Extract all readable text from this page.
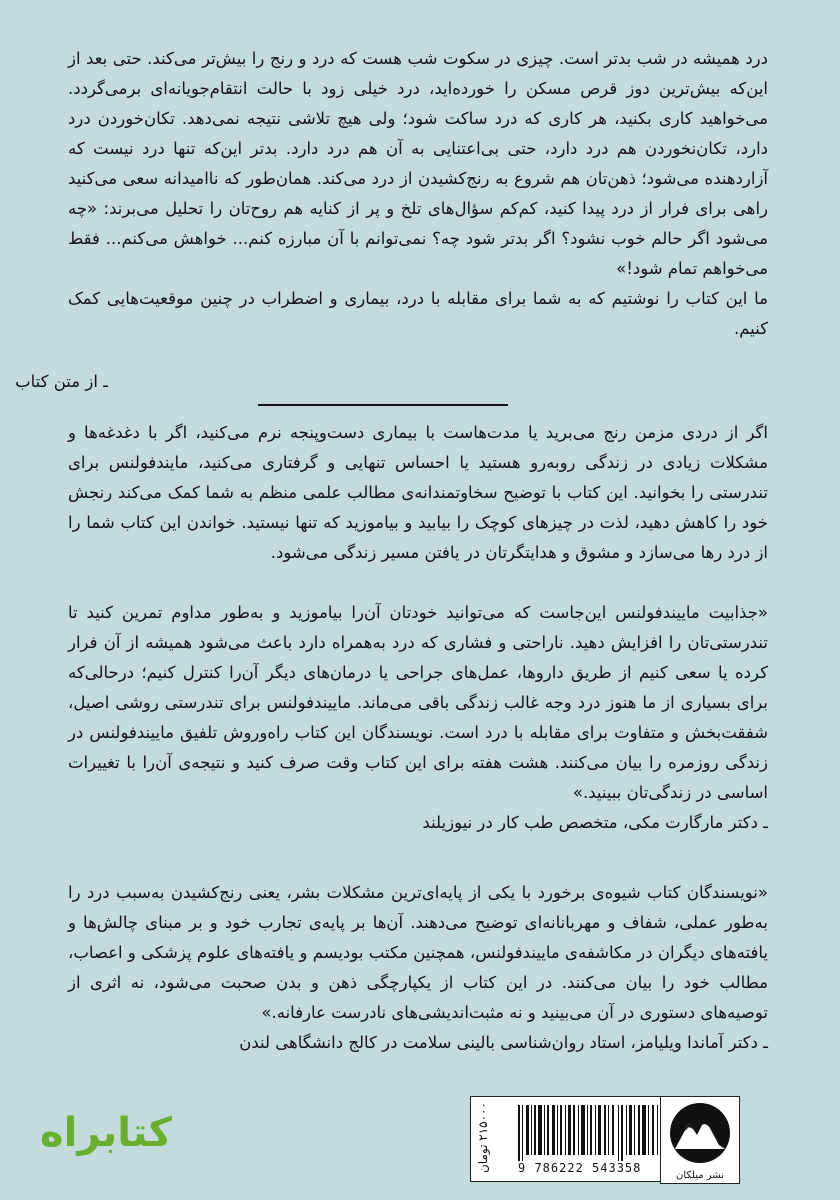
درد همیشه در شب بدتر است. چیزی در سکوت شب هست که درد و رنج را بیش‌تر می‌کند. حتی بعد از این‌که بیش‌ترین دوز قرص مسکن را خورده‌اید، درد خیلی زود با حالت انتقام‌جویانه‌ای برمی‌گردد. می‌خواهید کاری بکنید، هر کاری که درد ساکت شود؛ ولی هیچ تلاشی نتیجه نمی‌دهد. تکان‌خوردن درد دارد، تکان‌نخوردن هم درد دارد، حتی بی‌اعتنایی به آن هم درد دارد. بدتر این‌که تنها درد نیست که آزاردهنده می‌شود؛ ذهن‌تان هم شروع به رنج‌کشیدن از درد می‌کند. همان‌طور که ناامیدانه سعی می‌کنید راهی برای فرار از درد پیدا کنید، کم‌کم سؤال‌های تلخ و پر از کنایه هم روح‌تان را تحلیل می‌برند: «چه می‌شود اگر حالم خوب نشود؟ اگر بدتر شود چه؟ نمی‌توانم با آن مبارزه کنم... خواهش می‌کنم... فقط می‌خواهم تمام شود!»

ما این کتاب را نوشتیم که به شما برای مقابله با درد، بیماری و اضطراب در چنین موقعیت‌هایی کمک کنیم.

ـ از متن کتاب

اگر از دردی مزمن رنج می‌برید یا مدت‌هاست با بیماری دست‌وپنجه نرم می‌کنید، اگر با دغدغه‌ها و مشکلات زیادی در زندگی روبه‌رو هستید یا احساس تنهایی و گرفتاری می‌کنید، مایندفولنس برای تندرستی را بخوانید. این کتاب با توضیح سخاوتمندانه‌ی مطالب علمی منظم به شما کمک می‌کند رنجش خود را کاهش دهید، لذت در چیزهای کوچک را بیابید و بیاموزید که تنها نیستید. خواندن این کتاب شما را از درد رها می‌سازد و مشوق و هدایتگرتان در یافتن مسیر زندگی می‌شود.

«جذابیت ماییندفولنس این‌جاست که می‌توانید خودتان آن‌را بیاموزید و به‌طور مداوم تمرین کنید تا تندرستی‌تان را افزایش دهید. ناراحتی و فشاری که درد به‌همراه دارد باعث می‌شود همیشه از آن فرار کرده یا سعی کنیم از طریق داروها، عمل‌های جراحی یا درمان‌های دیگر آن‌را کنترل کنیم؛ درحالی‌که برای بسیاری از ما هنوز درد وجه غالب زندگی باقی می‌ماند. ماییندفولنس برای تندرستی روشی اصیل، شفقت‌بخش و متفاوت برای مقابله با درد است. نویسندگان این کتاب راه‌وروش تلفیق ماییندفولنس در زندگی روزمره را بیان می‌کنند. هشت هفته برای این کتاب وقت صرف کنید و نتیجه‌ی آن‌را با تغییرات اساسی در زندگی‌تان ببینید.»

ـ دکتر مارگارت مکی، متخصص طب کار در نیوزیلند

«نویسندگان کتاب شیوه‌ی برخورد با یکی از پایه‌ای‌ترین مشکلات بشر، یعنی رنج‌کشیدن به‌سبب درد را به‌طور عملی، شفاف و مهربانانه‌ای توضیح می‌دهند. آن‌ها بر پایه‌ی تجارب خود و بر مبنای چالش‌ها و یافته‌های دیگران در مکاشفه‌ی ماییندفولنس، همچنین مکتب بودیسم و یافته‌های علوم پزشکی و اعصاب، مطالب خود را بیان می‌کنند. در این کتاب از یکپارچگی ذهن و بدن صحبت می‌شود، نه اثری از توصیه‌های دستوری در آن می‌بینید و نه مثبت‌اندیشی‌های نادرست عارفانه.»

ـ دکتر آماندا ویلیامز، استاد روان‌شناسی بالینی سلامت در کالج دانشگاهی لندن

9 786222 543358
۲۱۵۰۰۰ تومان
نشر میلکان
کتابراه
